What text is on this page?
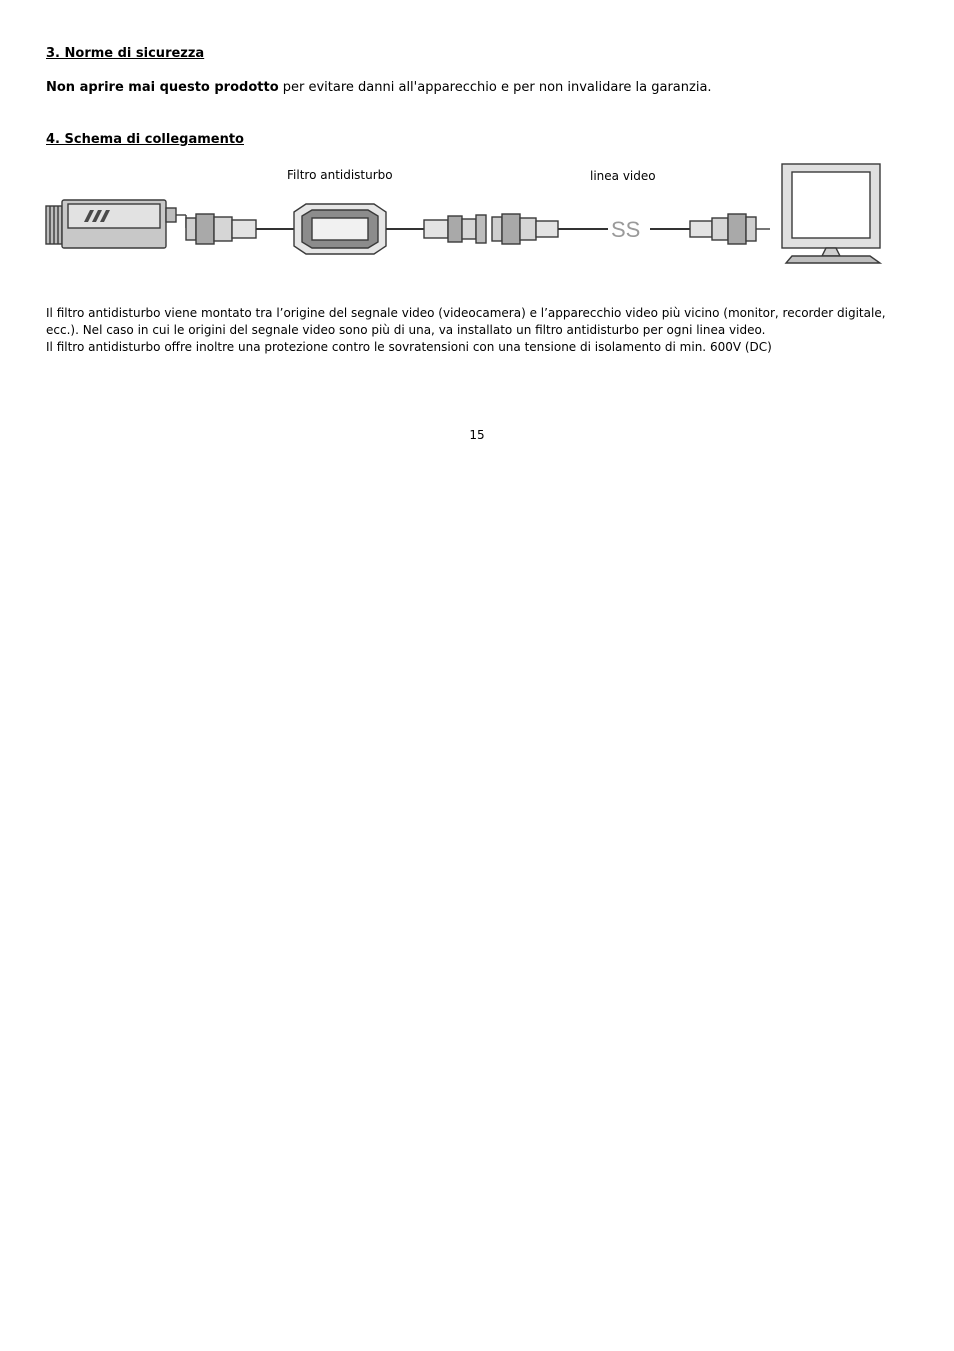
3. Norme di sicurezza

Non aprire mai questo prodotto per evitare danni all'apparecchio e per non invalidare la garanzia.

4. Schema di collegamento
Filtro antidisturbo	linea video
SS
Il filtro antidisturbo viene montato tra l’origine del segnale video (videocamera) e l’apparecchio video più vicino (monitor, recorder digitale, ecc.). Nel caso in cui le origini del segnale video sono più di una, va installato un filtro antidisturbo per ogni linea video.
Il filtro antidisturbo offre inoltre una protezione contro le sovratensioni con una tensione di isolamento di min. 600V (DC)
15
